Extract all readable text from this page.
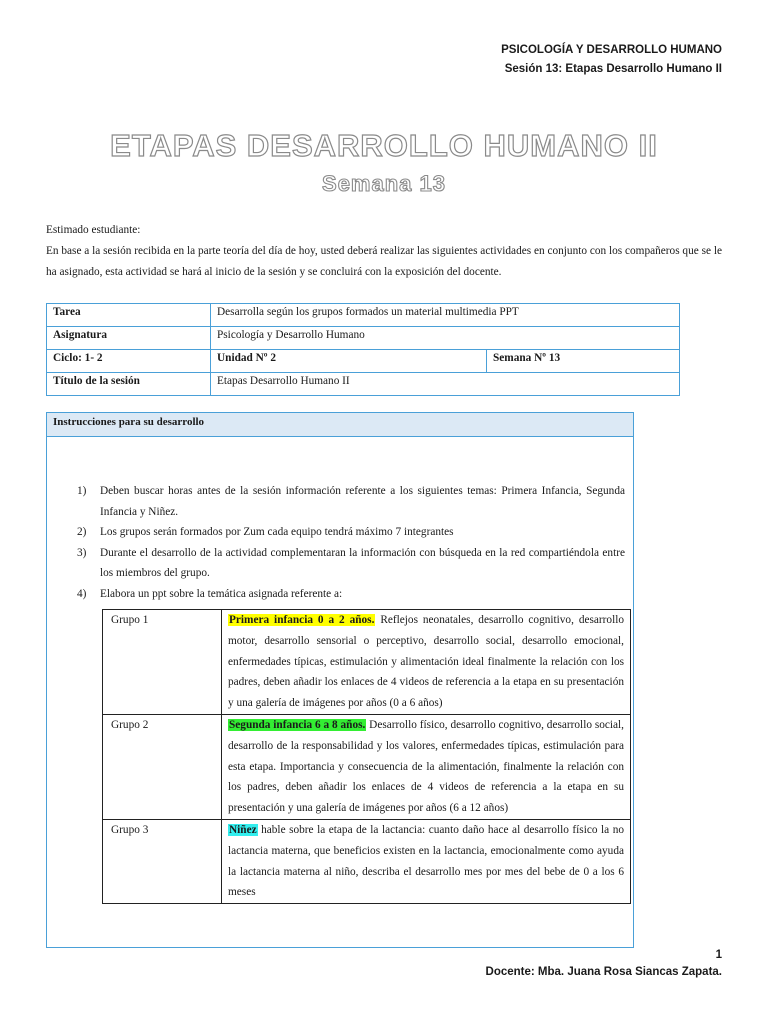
PSICOLOGÍA Y DESARROLLO HUMANO
Sesión 13: Etapas Desarrollo Humano II
ETAPAS DESARROLLO HUMANO II
Semana 13

Estimado estudiante:

En base a la sesión recibida en la parte teoría del día de hoy, usted deberá realizar las siguientes actividades en conjunto con los compañeros que se le ha asignado, esta actividad se hará al inicio de la sesión y se concluirá con la exposición del docente.

Tarea	Desarrolla según los grupos formados un material multimedia PPT	
Asignatura	Psicología y Desarrollo Humano	
Ciclo: 1- 2	Unidad Nº 2	Semana Nº 13
Título de la sesión	Etapas Desarrollo Humano II	
Instrucciones para su desarrollo
1) Deben buscar horas antes de la sesión información referente a los siguientes temas: Primera Infancia, Segunda Infancia y Niñez.
2) Los grupos serán formados por Zum cada equipo tendrá máximo 7 integrantes
3) Durante el desarrollo de la actividad complementaran la información con búsqueda en la red compartiéndola entre los miembros del grupo.
4) Elabora un ppt sobre la temática asignada referente a:
Grupo 1	Primera infancia 0 a 2 años. Reflejos neonatales, desarrollo cognitivo, desarrollo motor, desarrollo sensorial o perceptivo, desarrollo social, desarrollo emocional, enfermedades típicas, estimulación y alimentación ideal finalmente la relación con los padres, deben añadir los enlaces de 4 videos de referencia a la etapa en su presentación y una galería de imágenes por años (0 a 6 años)
Grupo 2	Segunda infancia 6 a 8 años. Desarrollo físico, desarrollo cognitivo, desarrollo social, desarrollo de la responsabilidad y los valores, enfermedades típicas, estimulación para esta etapa. Importancia y consecuencia de la alimentación, finalmente la relación con los padres, deben añadir los enlaces de 4 videos de referencia a la etapa en su presentación y una galería de imágenes por años (6 a 12 años)
Grupo 3	Niñez hable sobre la etapa de la lactancia: cuanto daño hace al desarrollo físico la no lactancia materna, que beneficios existen en la lactancia, emocionalmente como ayuda la lactancia materna al niño, describa el desarrollo mes por mes del bebe de 0 a los 6 meses
1
Docente: Mba. Juana Rosa Siancas Zapata.
